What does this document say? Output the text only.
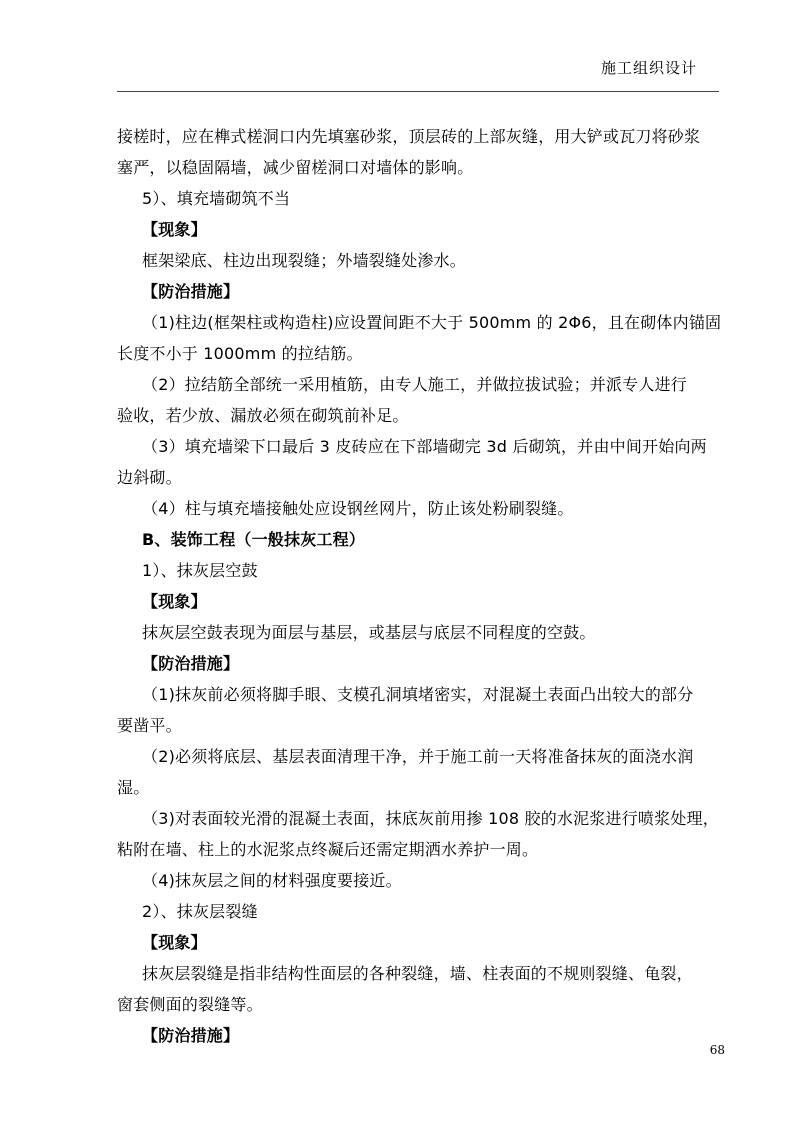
施工组织设计
接槎时，应在榫式槎洞口内先填塞砂浆，顶层砖的上部灰缝，用大铲或瓦刀将砂浆
塞严，以稳固隔墙，减少留槎洞口对墙体的影响。
5）、填充墙砌筑不当
【现象】
框架梁底、柱边出现裂缝；外墙裂缝处渗水。
【防治措施】
（1)柱边(框架柱或构造柱)应设置间距不大于 500mm 的 2Φ6，且在砌体内锚固
长度不小于 1000mm 的拉结筋。
（2）拉结筋全部统一采用植筋，由专人施工，并做拉拔试验；并派专人进行
验收，若少放、漏放必须在砌筑前补足。
（3）填充墙梁下口最后 3 皮砖应在下部墙砌完 3d 后砌筑，并由中间开始向两
边斜砌。
（4）柱与填充墙接触处应设钢丝网片，防止该处粉刷裂缝。
B、装饰工程（一般抹灰工程）
1）、抹灰层空鼓
【现象】
抹灰层空鼓表现为面层与基层，或基层与底层不同程度的空鼓。
【防治措施】
（1)抹灰前必须将脚手眼、支模孔洞填堵密实，对混凝土表面凸出较大的部分
要凿平。
（2)必须将底层、基层表面清理干净，并于施工前一天将准备抹灰的面浇水润
湿。
（3)对表面较光滑的混凝土表面，抹底灰前用掺 108 胶的水泥浆进行喷浆处理，
粘附在墙、柱上的水泥浆点终凝后还需定期洒水养护一周。
（4)抹灰层之间的材料强度要接近。
2）、抹灰层裂缝
【现象】
抹灰层裂缝是指非结构性面层的各种裂缝，墙、柱表面的不规则裂缝、龟裂，
窗套侧面的裂缝等。
【防治措施】
68
